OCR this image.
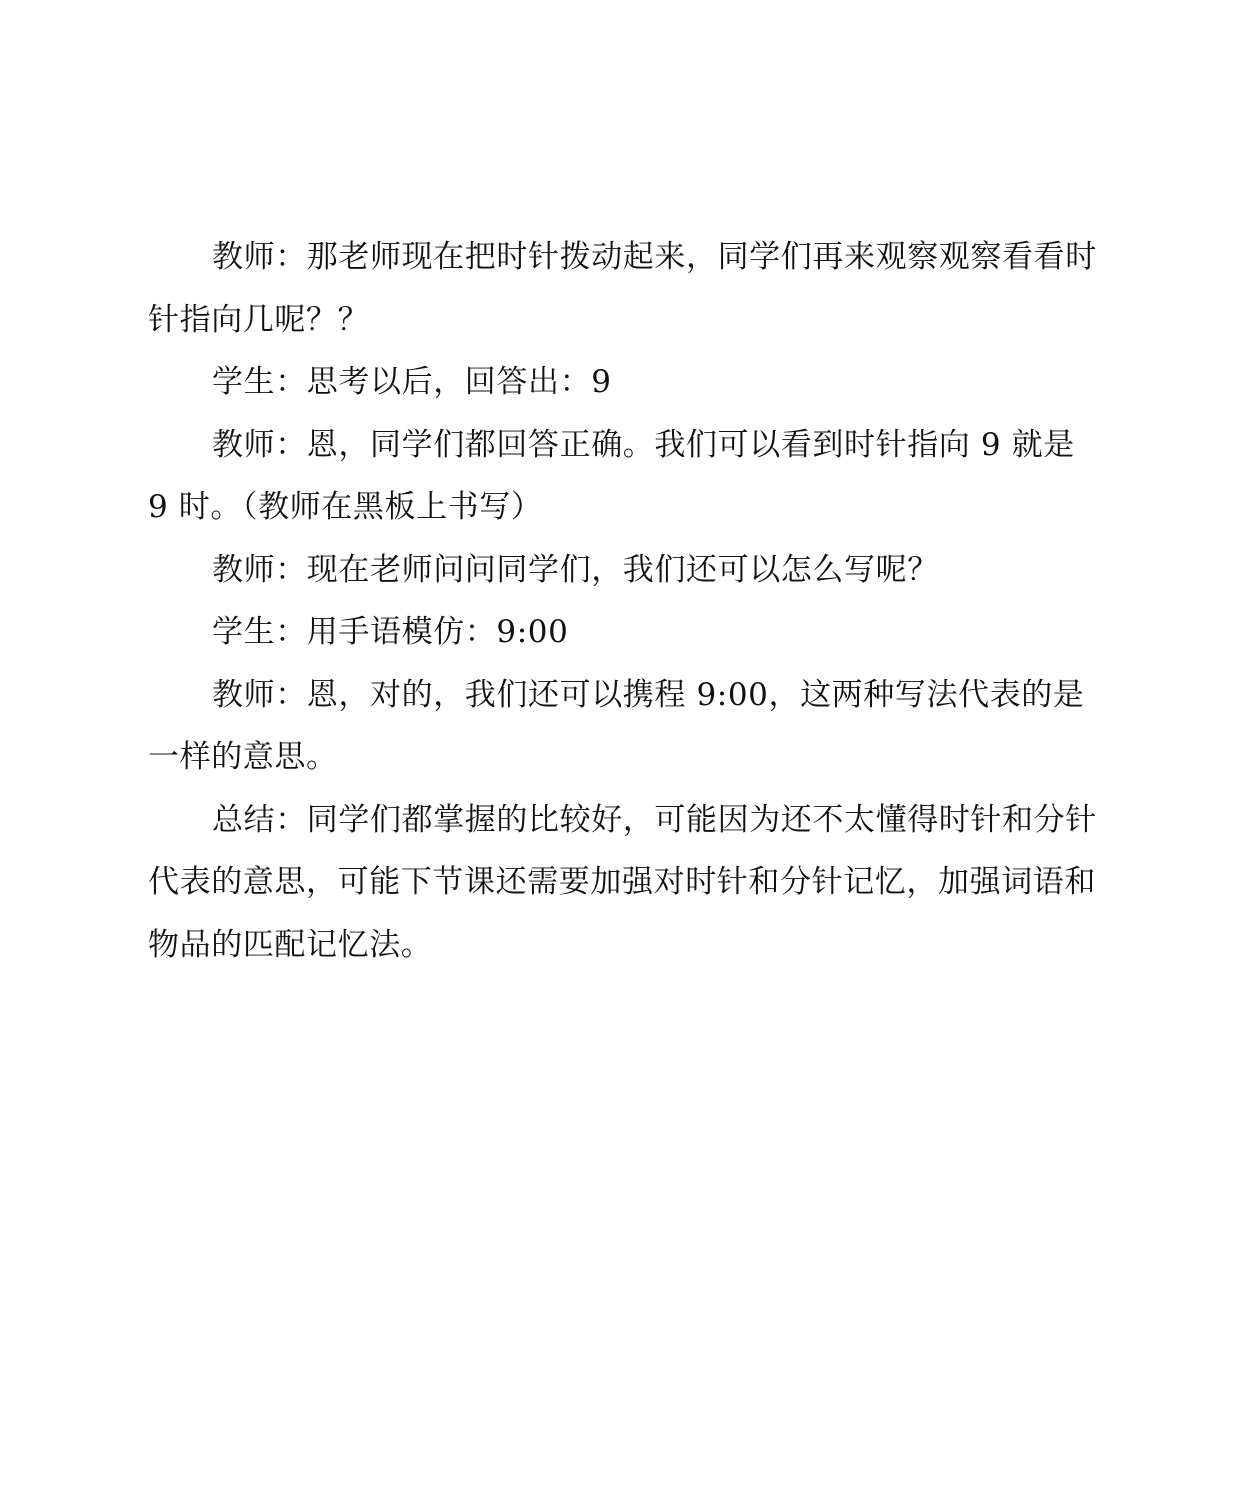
教师：那老师现在把时针拨动起来，同学们再来观察观察看看时针指向几呢？？

学生：思考以后，回答出：9

教师：恩，同学们都回答正确。我们可以看到时针指向 9 就是 9 时。（教师在黑板上书写）

教师：现在老师问问同学们，我们还可以怎么写呢？

学生：用手语模仿：9:00

教师：恩，对的，我们还可以携程 9:00，这两种写法代表的是一样的意思。

总结：同学们都掌握的比较好，可能因为还不太懂得时针和分针代表的意思，可能下节课还需要加强对时针和分针记忆，加强词语和物品的匹配记忆法。
